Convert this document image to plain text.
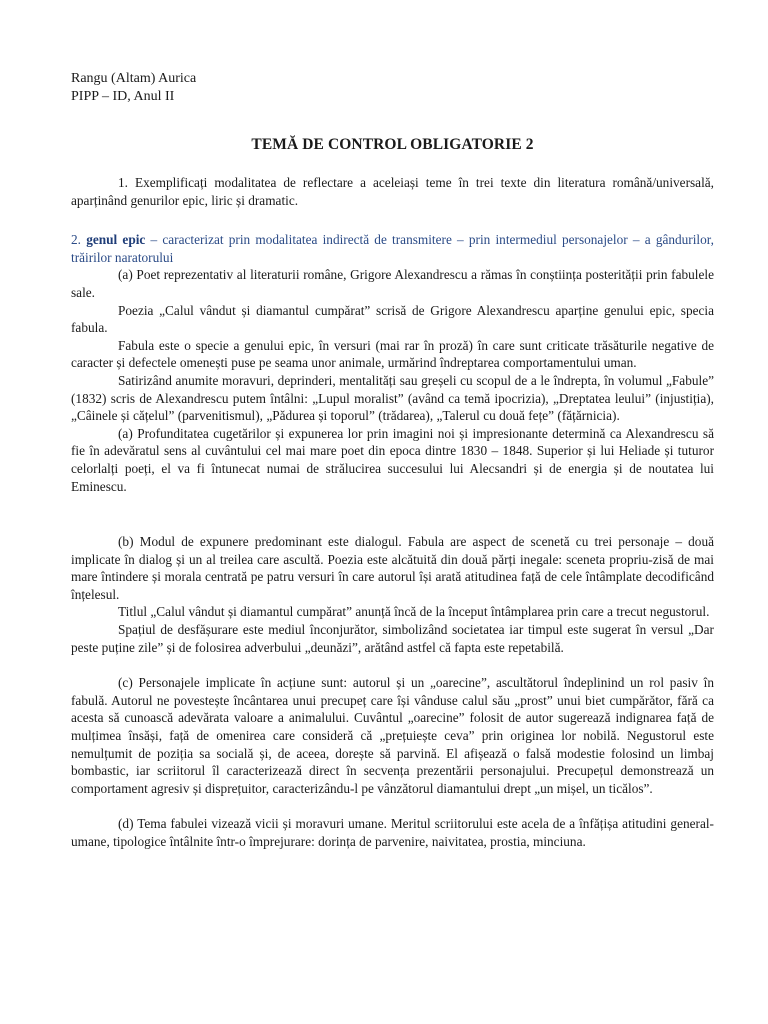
Rangu (Altam) Aurica
PIPP – ID, Anul II
TEMĂ DE CONTROL OBLIGATORIE 2

1. Exemplificați modalitatea de reflectare a aceleiași teme în trei texte din literatura română/universală, aparținând genurilor epic, liric și dramatic.

2. genul epic – caracterizat prin modalitatea indirectă de transmitere – prin intermediul personajelor – a gândurilor, trăirilor naratorului

(a) Poet reprezentativ al literaturii române, Grigore Alexandrescu a rămas în conștiința posterității prin fabulele sale.

Poezia „Calul vândut și diamantul cumpărat” scrisă de Grigore Alexandrescu aparține genului epic, specia fabula.

Fabula este o specie a genului epic, în versuri (mai rar în proză) în care sunt criticate trăsăturile negative de caracter și defectele omenești puse pe seama unor animale, urmărind îndreptarea comportamentului uman.

Satirizând anumite moravuri, deprinderi, mentalități sau greșeli cu scopul de a le îndrepta, în volumul „Fabule” (1832) scris de Alexandrescu putem întâlni: „Lupul moralist” (având ca temă ipocrizia), „Dreptatea leului” (injustiția), „Câinele și cățelul” (parvenitismul), „Pădurea și toporul” (trădarea), „Talerul cu două fețe” (fățărnicia).

(a) Profunditatea cugetărilor și expunerea lor prin imagini noi și impresionante determină ca Alexandrescu să fie în adevăratul sens al cuvântului cel mai mare poet din epoca dintre 1830 – 1848. Superior și lui Heliade și tuturor celorlalți poeți, el va fi întunecat numai de strălucirea succesului lui Alecsandri și de energia și de noutatea lui Eminescu.

(b) Modul de expunere predominant este dialogul. Fabula are aspect de scenetă cu trei personaje – două implicate în dialog și un al treilea care ascultă. Poezia este alcătuită din două părți inegale: sceneta propriu-zisă de mai mare întindere și morala centrată pe patru versuri în care autorul își arată atitudinea față de cele întâmplate decodificând înțelesul.

Titlul „Calul vândut și diamantul cumpărat” anunță încă de la început întâmplarea prin care a trecut negustorul.

Spațiul de desfășurare este mediul înconjurător, simbolizând societatea iar timpul este sugerat în versul „Dar peste puține zile” și de folosirea adverbului „deunăzi”, arătând astfel că fapta este repetabilă.

(c) Personajele implicate în acțiune sunt: autorul și un „oarecine”, ascultătorul îndeplinind un rol pasiv în fabulă. Autorul ne povestește încântarea unui precupeț care își vânduse calul său „prost” unui biet cumpărător, fără ca acesta să cunoască adevărata valoare a animalului. Cuvântul „oarecine” folosit de autor sugerează indignarea față de mulțimea însăși, față de omenirea care consideră că „prețuiește ceva” prin originea lor nobilă. Negustorul este nemulțumit de poziția sa socială și, de aceea, dorește să parvină. El afișează o falsă modestie folosind un limbaj bombastic, iar scriitorul îl caracterizează direct în secvența prezentării personajului. Precupețul demonstrează un comportament agresiv și disprețuitor, caracterizându-l pe vânzătorul diamantului drept „un mișel, un ticălos”.

(d) Tema fabulei vizează vicii și moravuri umane. Meritul scriitorului este acela de a înfățișa atitudini general-umane, tipologice întâlnite într-o împrejurare: dorința de parvenire, naivitatea, prostia, minciuna.
